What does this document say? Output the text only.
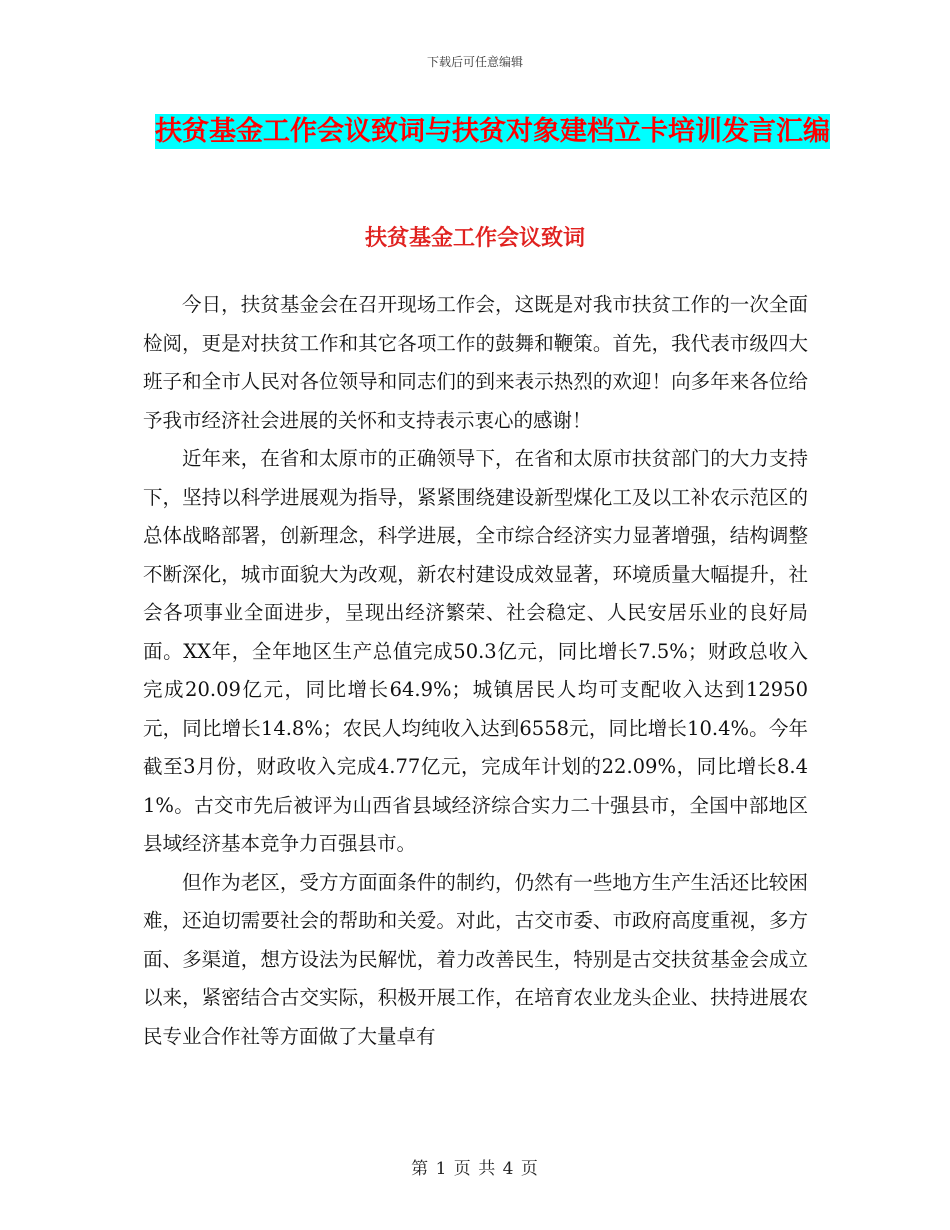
下载后可任意编辑
扶贫基金工作会议致词与扶贫对象建档立卡培训发言汇编
扶贫基金工作会议致词

今日，扶贫基金会在召开现场工作会，这既是对我市扶贫工作的一次全面检阅，更是对扶贫工作和其它各项工作的鼓舞和鞭策。首先，我代表市级四大班子和全市人民对各位领导和同志们的到来表示热烈的欢迎！向多年来各位给予我市经济社会进展的关怀和支持表示衷心的感谢！

近年来，在省和太原市的正确领导下，在省和太原市扶贫部门的大力支持下，坚持以科学进展观为指导，紧紧围绕建设新型煤化工及以工补农示范区的总体战略部署，创新理念，科学进展，全市综合经济实力显著增强，结构调整不断深化，城市面貌大为改观，新农村建设成效显著，环境质量大幅提升，社会各项事业全面进步，呈现出经济繁荣、社会稳定、人民安居乐业的良好局面。XX年，全年地区生产总值完成50.3亿元，同比增长7.5%；财政总收入完成20.09亿元，同比增长64.9%；城镇居民人均可支配收入达到12950元，同比增长14.8%；农民人均纯收入达到6558元，同比增长10.4%。今年截至3月份，财政收入完成4.77亿元，完成年计划的22.09%，同比增长8.41%。古交市先后被评为山西省县域经济综合实力二十强县市，全国中部地区县域经济基本竞争力百强县市。

但作为老区，受方方面面条件的制约，仍然有一些地方生产生活还比较困难，还迫切需要社会的帮助和关爱。对此，古交市委、市政府高度重视，多方面、多渠道，想方设法为民解忧，着力改善民生，特别是古交扶贫基金会成立以来，紧密结合古交实际，积极开展工作，在培育农业龙头企业、扶持进展农民专业合作社等方面做了大量卓有

第 1 页 共 4 页
